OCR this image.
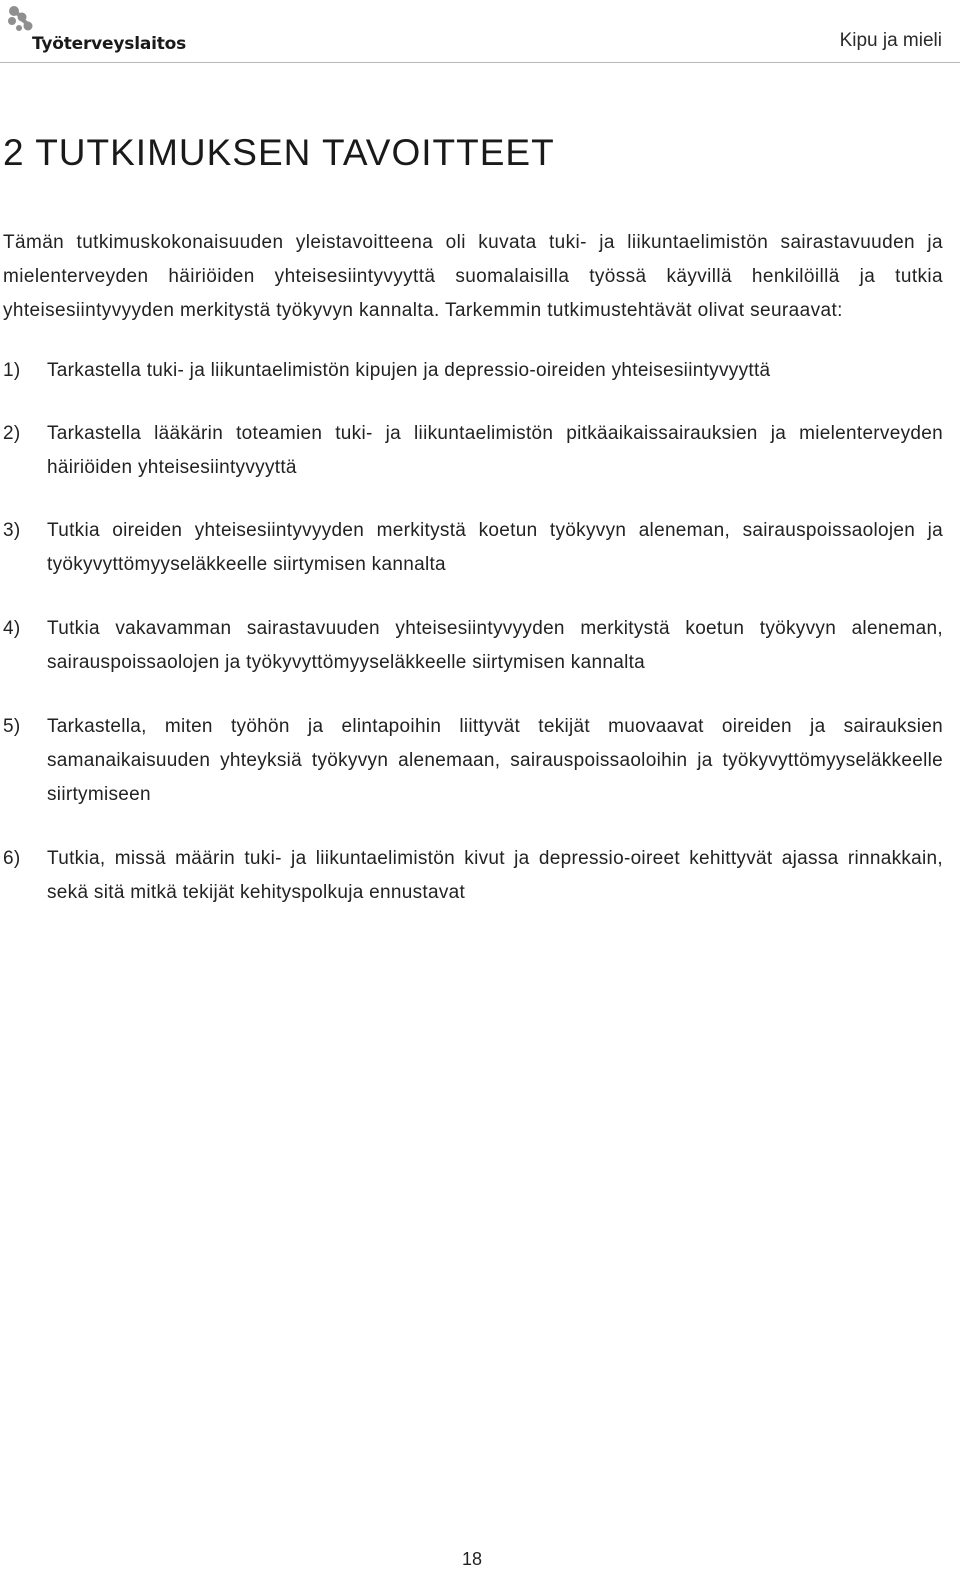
Työterveyslaitos	Kipu ja mieli
2 TUTKIMUKSEN TAVOITTEET

Tämän tutkimuskokonaisuuden yleistavoitteena oli kuvata tuki- ja liikuntaelimistön sairastavuuden ja mielenterveyden häiriöiden yhteisesiintyvyyttä suomalaisilla työssä käyvillä henkilöillä ja tutkia yhteisesiintyvyyden merkitystä työkyvyn kannalta. Tarkemmin tutkimustehtävät olivat seuraavat:

1) Tarkastella tuki- ja liikuntaelimistön kipujen ja depressio-oireiden yhteisesiintyvyyttä
2) Tarkastella lääkärin toteamien tuki- ja liikuntaelimistön pitkäaikaissairauksien ja mielenterveyden häiriöiden yhteisesiintyvyyttä
3) Tutkia oireiden yhteisesiintyvyyden merkitystä koetun työkyvyn aleneman, sairauspoissaolojen ja työkyvyttömyyseläkkeelle siirtymisen kannalta
4) Tutkia vakavamman sairastavuuden yhteisesiintyvyyden merkitystä koetun työkyvyn aleneman, sairauspoissaolojen ja työkyvyttömyyseläkkeelle siirtymisen kannalta
5) Tarkastella, miten työhön ja elintapoihin liittyvät tekijät muovaavat oireiden ja sairauksien samanaikaisuuden yhteyksiä työkyvyn alenemaan, sairauspoissaoloihin ja työkyvyttömyyseläkkeelle siirtymiseen
6) Tutkia, missä määrin tuki- ja liikuntaelimistön kivut ja depressio-oireet kehittyvät ajassa rinnakkain, sekä sitä mitkä tekijät kehityspolkuja ennustavat
18
